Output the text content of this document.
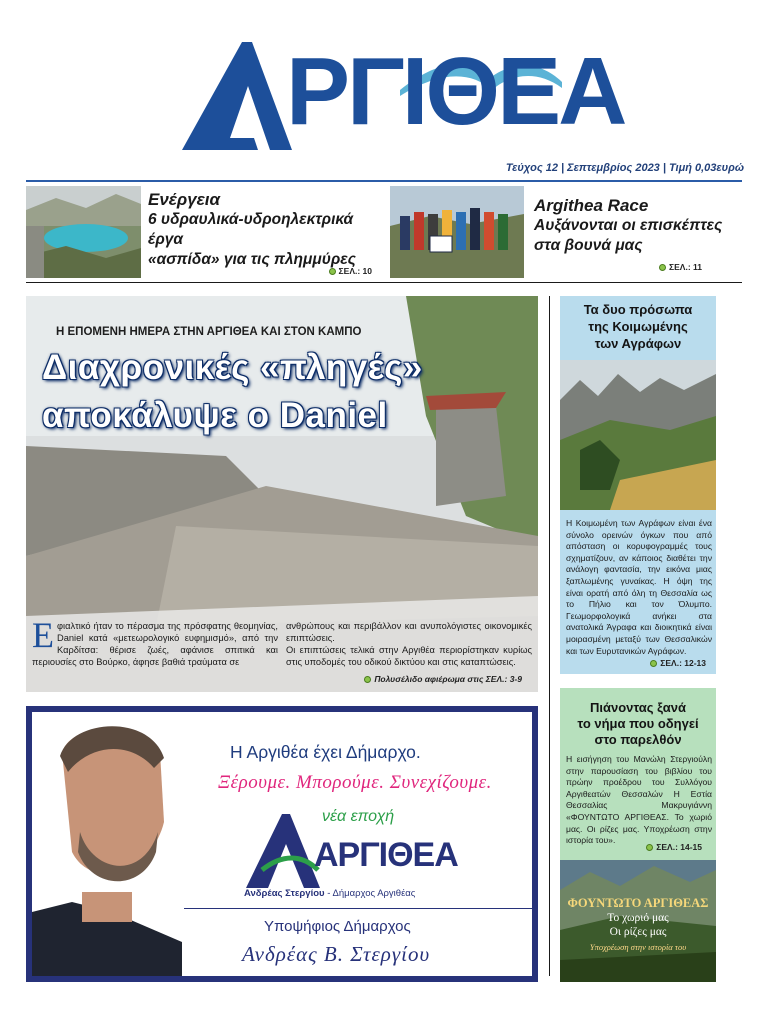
ΡΓΙΘΕΑ
Τεύχος 12 | Σεπτεμβρίος 2023 | Τιμή 0,03ευρώ
Ενέργεια
6 υδραυλικά-υδροηλεκτρικά έργα
«ασπίδα» για τις πλημμύρες
ΣΕΛ.: 10
Argithea Race
Αυξάνονται οι επισκέπτες
στα βουνά μας
ΣΕΛ.: 11
Η ΕΠΟΜΕΝΗ ΗΜΕΡΑ ΣΤΗΝ ΑΡΓΙΘΕΑ ΚΑΙ ΣΤΟΝ ΚΑΜΠΟ
Διαχρονικές «πληγές»
αποκάλυψε ο Daniel
Ε φιαλτικό ήταν το πέρασμα της πρόσφατης θεομηνίας, Daniel κατά «μετεωρολογικό ευφημισμό», από την Καρδίτσα: θέρισε ζωές, αφάνισε σπιτικά και περιουσίες στο Βούρκο, άφησε βαθιά τραύματα σε
ανθρώπους και περιβάλλον και ανυπολόγιστες οικονομικές επιπτώσεις.
Οι επιπτώσεις τελικά στην Αργιθέα περιορίστηκαν κυρίως στις υποδομές του οδικού δικτύου και στις καταπτώσεις.
Πολυσέλιδο αφιέρωμα στις ΣΕΛ.: 3-9
Τα δυο πρόσωπα
της Κοιμωμένης
των Αγράφων
Η Κοιμωμένη των Αγράφων είναι ένα σύνολο ορεινών όγκων που από απόσταση οι κορυφογραμμές τους σχηματίζουν, αν κάποιος διαθέτει την ανάλογη φαντασία, την εικόνα μιας ξαπλωμένης γυναίκας. Η όψη της είναι ορατή από όλη τη Θεσσαλία ως το Πήλιο και τον Όλυμπο. Γεωμορφολογικά ανήκει στα ανατολικά Άγραφα και διοικητικά είναι μοιρασμένη μεταξύ των Θεσσαλικών και των Ευρυτανικών Αγράφων.
ΣΕΛ.: 12-13
Πιάνοντας ξανά
το νήμα που οδηγεί
στο παρελθόν
Η εισήγηση του Μανώλη Στεργιούλη στην παρουσίαση του βιβλίου του πρώην προέδρου του Συλλόγου Αργιθεατών Θεσσαλών Η Εστία Θεσσαλίας Μακρυγιάννη «ΦΟΥΝΤΩΤΟ ΑΡΓΙΘΕΑΣ. Το χωριό μας. Οι ρίζες μας. Υποχρέωση στην ιστορία του».
ΣΕΛ.: 14-15
ΦΟΥΝΤΩΤΟ ΑΡΓΙΘΕΑΣ
Το χωριό μας
Οι ρίζες μας
Υποχρέωση στην ιστορία του
Η Αργιθέα έχει Δήμαρχο.
Ξέρουμε. Μπορούμε. Συνεχίζουμε.
νέα εποχή
ΑΡΓΙΘΕΑ
Ανδρέας Στεργίου - Δήμαρχος Αργιθέας
Υποψήφιος Δήμαρχος
Ανδρέας Β. Στεργίου
